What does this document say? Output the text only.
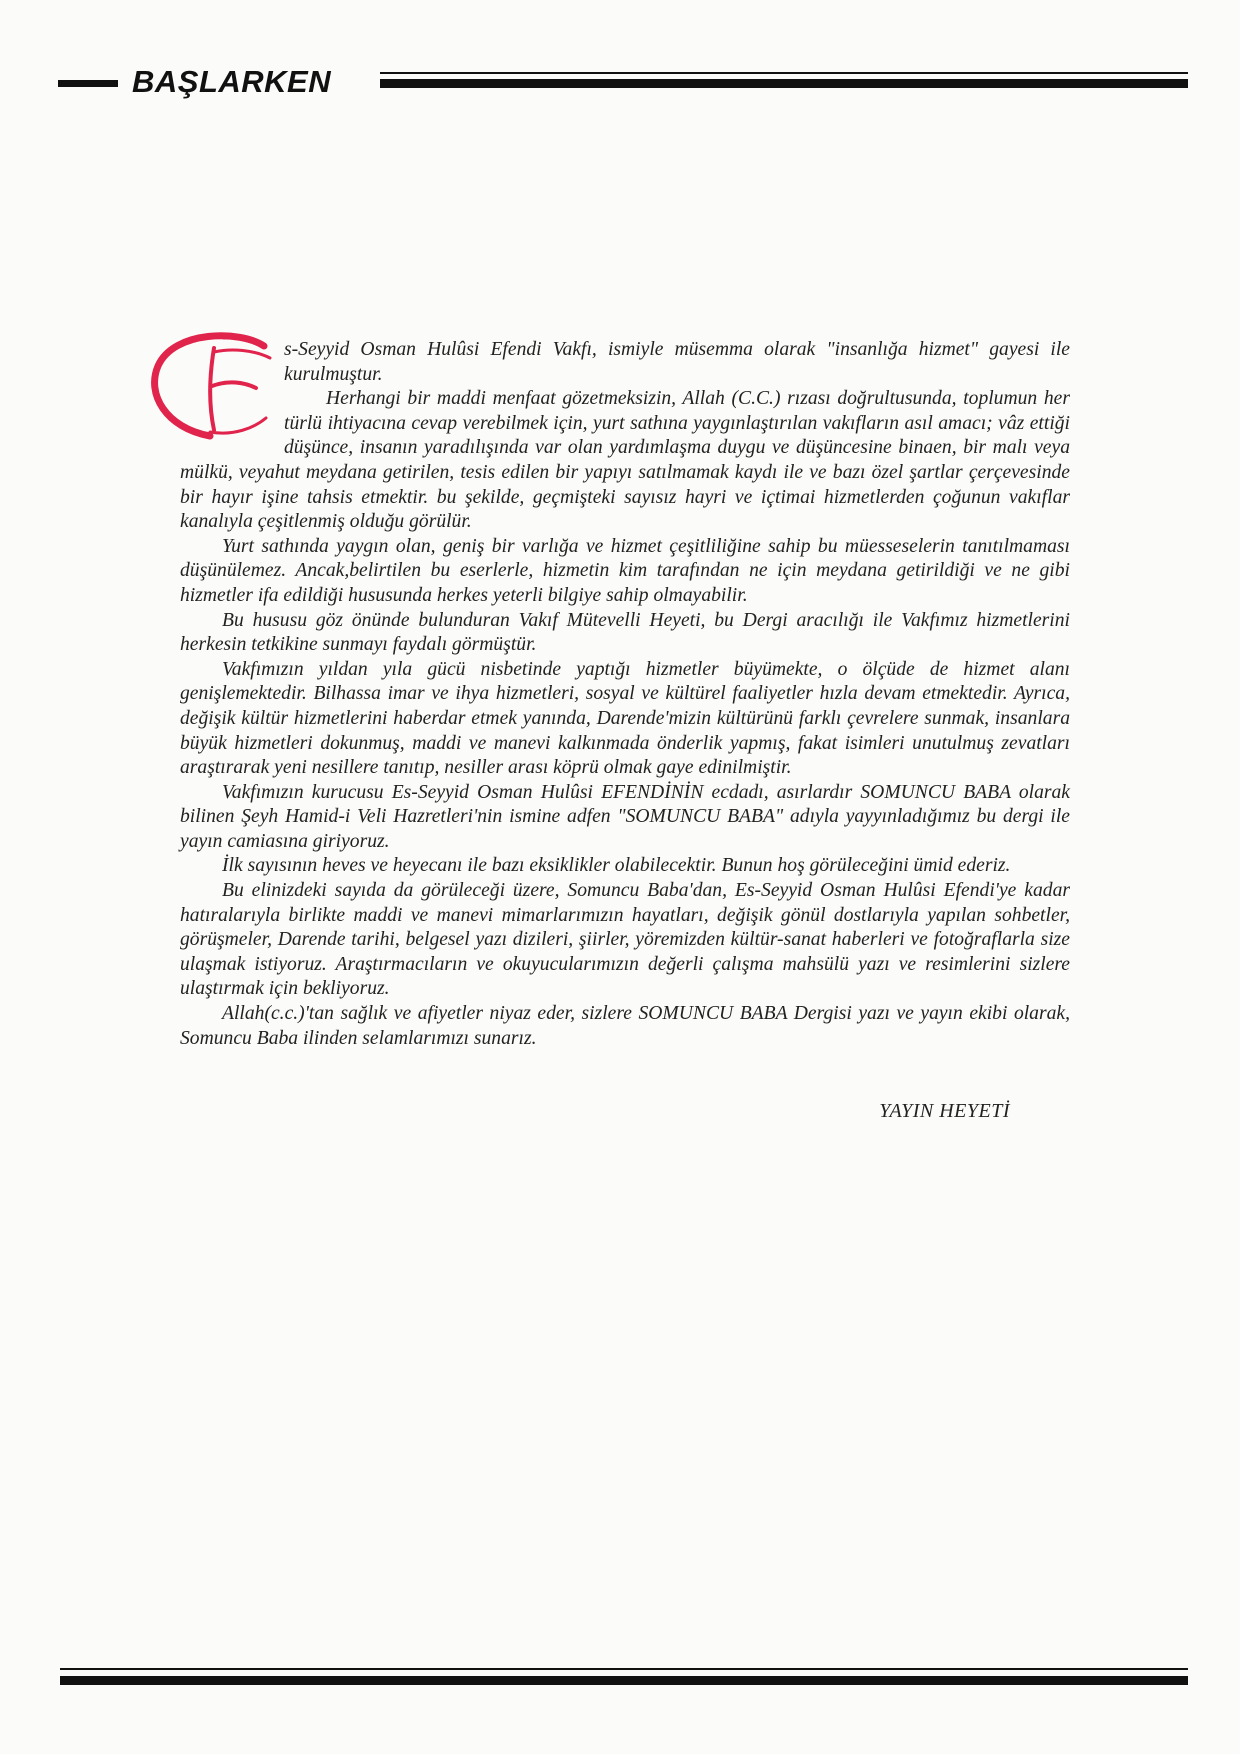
BAŞLARKEN

s-Seyyid Osman Hulûsi Efendi Vakfı, ismiyle müsemma olarak "insanlığa hizmet" gayesi ile kurulmuştur.

Herhangi bir maddi menfaat gözetmeksizin, Allah (C.C.) rızası doğrultusunda, toplumun her türlü ihtiyacına cevap verebilmek için, yurt sathına yaygınlaştırılan vakıfların asıl amacı; vâz ettiği düşünce, insanın yaradılışında var olan yardımlaşma duygu ve düşüncesine binaen, bir malı veya mülkü, veyahut meydana getirilen, tesis edilen bir yapıyı satılmamak kaydı ile ve bazı özel şartlar çerçevesinde bir hayır işine tahsis etmektir. bu şekilde, geçmişteki sayısız hayri ve içtimai hizmetlerden çoğunun vakıflar kanalıyla çeşitlenmiş olduğu görülür.

Yurt sathında yaygın olan, geniş bir varlığa ve hizmet çeşitliliğine sahip bu müesseselerin tanıtılmaması düşünülemez. Ancak,belirtilen bu eserlerle, hizmetin kim tarafından ne için meydana getirildiği ve ne gibi hizmetler ifa edildiği hususunda herkes yeterli bilgiye sahip olmayabilir.

Bu hususu göz önünde bulunduran Vakıf Mütevelli Heyeti, bu Dergi aracılığı ile Vakfımız hizmetlerini herkesin tetkikine sunmayı faydalı görmüştür.

Vakfımızın yıldan yıla gücü nisbetinde yaptığı hizmetler büyümekte, o ölçüde de hizmet alanı genişlemektedir. Bilhassa imar ve ihya hizmetleri, sosyal ve kültürel faaliyetler hızla devam etmektedir. Ayrıca, değişik kültür hizmetlerini haberdar etmek yanında, Darende'mizin kültürünü farklı çevrelere sunmak, insanlara büyük hizmetleri dokunmuş, maddi ve manevi kalkınmada önderlik yapmış, fakat isimleri unutulmuş zevatları araştırarak yeni nesillere tanıtıp, nesiller arası köprü olmak gaye edinilmiştir.

Vakfımızın kurucusu Es-Seyyid Osman Hulûsi EFENDİNİN ecdadı, asırlardır SOMUNCU BABA olarak bilinen Şeyh Hamid-i Veli Hazretleri'nin ismine adfen "SOMUNCU BABA" adıyla yayyınladığımız bu dergi ile yayın camiasına giriyoruz.

İlk sayısının heves ve heyecanı ile bazı eksiklikler olabilecektir. Bunun hoş görüleceğini ümid ederiz.

Bu elinizdeki sayıda da görüleceği üzere, Somuncu Baba'dan, Es-Seyyid Osman Hulûsi Efendi'ye kadar hatıralarıyla birlikte maddi ve manevi mimarlarımızın hayatları, değişik gönül dostlarıyla yapılan sohbetler, görüşmeler, Darende tarihi, belgesel yazı dizileri, şiirler, yöremizden kültür-sanat haberleri ve fotoğraflarla size ulaşmak istiyoruz. Araştırmacıların ve okuyucularımızın değerli çalışma mahsülü yazı ve resimlerini sizlere ulaştırmak için bekliyoruz.

Allah(c.c.)'tan sağlık ve afiyetler niyaz eder, sizlere SOMUNCU BABA Dergisi yazı ve yayın ekibi olarak, Somuncu Baba ilinden selamlarımızı sunarız.

YAYIN HEYETİ
